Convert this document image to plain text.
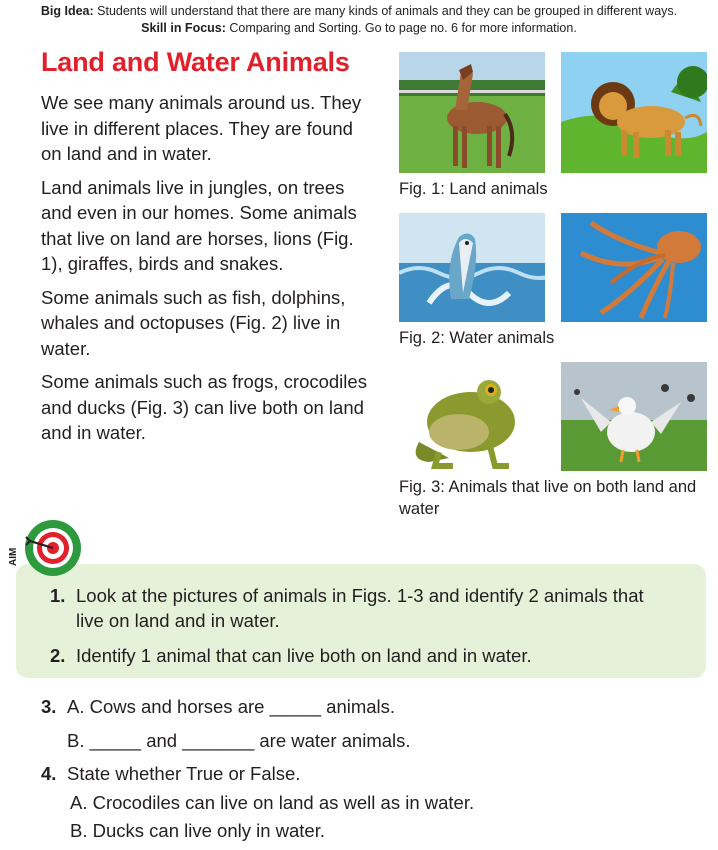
Big Idea: Students will understand that there are many kinds of animals and they can be grouped in different ways.
Skill in Focus: Comparing and Sorting. Go to page no. 6 for more information.
Land and Water Animals

We see many animals around us. They live in different places. They are found on land and in water.

Land animals live in jungles, on trees and even in our homes. Some animals that live on land are horses, lions (Fig. 1), giraffes, birds and snakes.

Some animals such as fish, dolphins, whales and octopuses (Fig. 2) live in water.

Some animals such as frogs, crocodiles and ducks (Fig. 3) can live both on land and in water.

Fig. 1: Land animals
Fig. 2: Water animals
Fig. 3: Animals that live on both land and water
AIM
1. Look at the pictures of animals in Figs. 1-3 and identify 2 animals that live on land and in water.
2. Identify 1 animal that can live both on land and in water.
3. A. Cows and horses are _____ animals.
B. _____ and _______ are water animals.
4. State whether True or False.
A. Crocodiles can live on land as well as in water.
B. Ducks can live only in water.
